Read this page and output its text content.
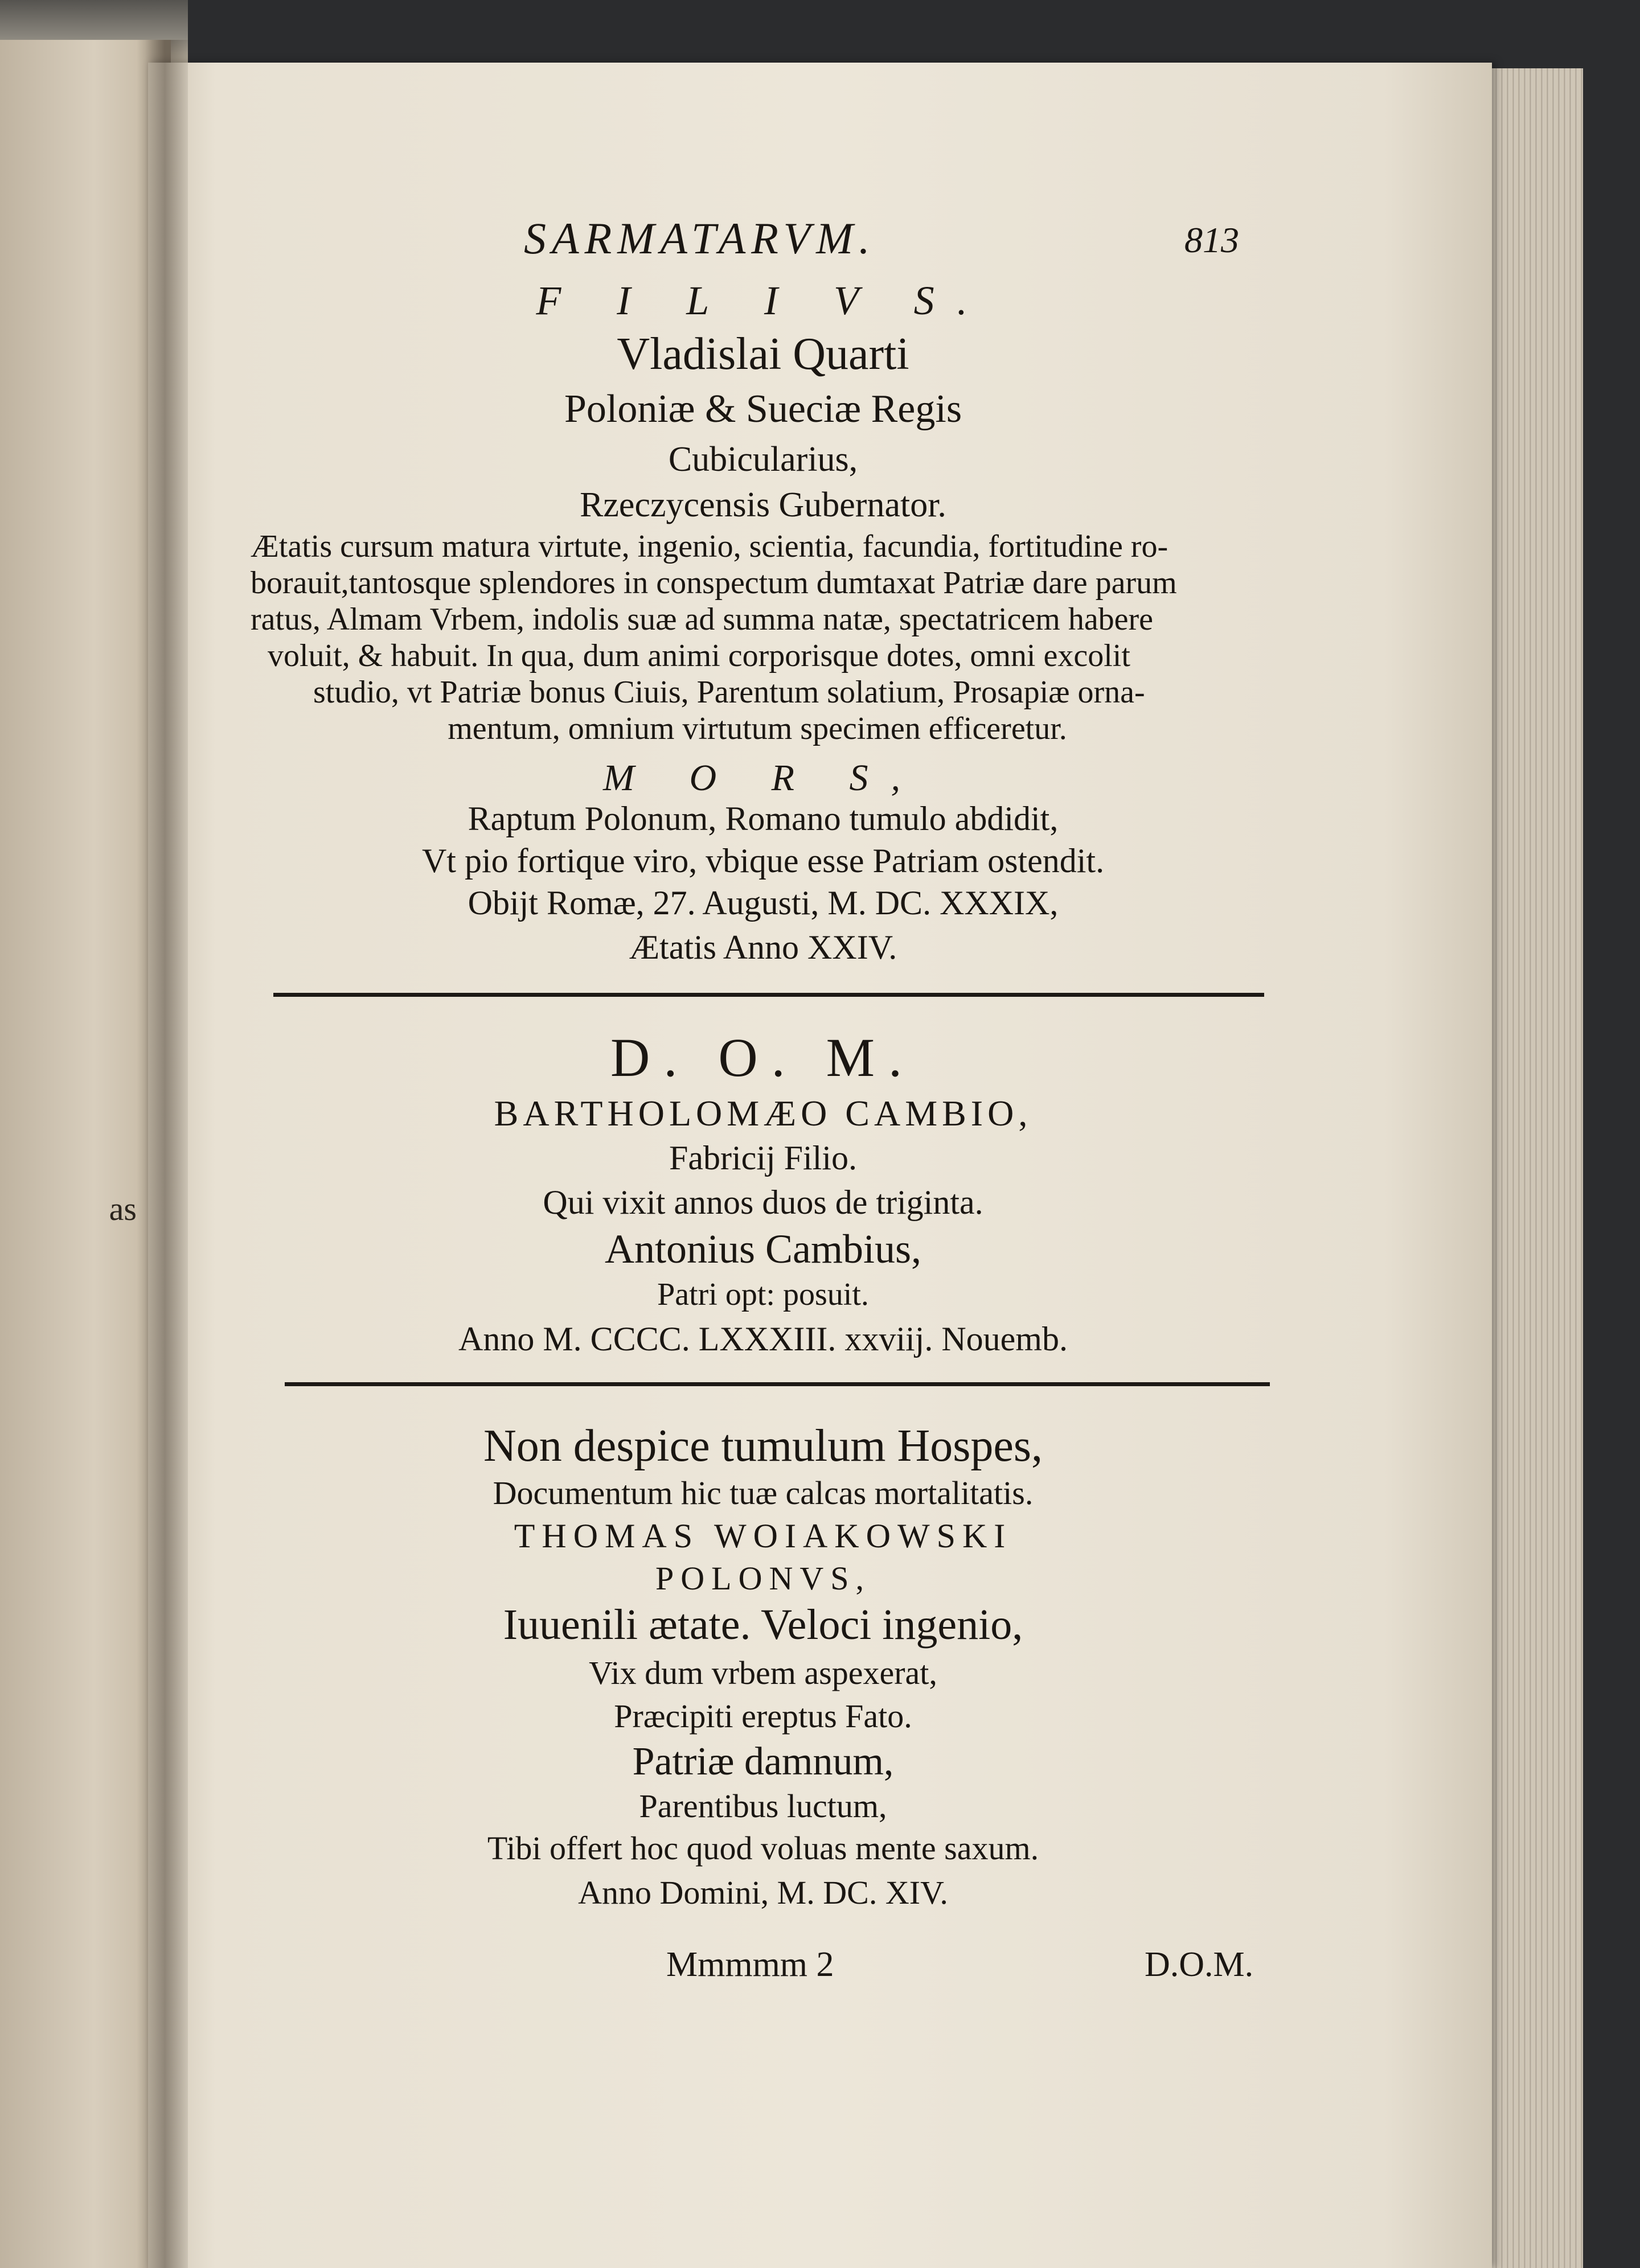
as
SARMATARVM.	813
F I L I V S.
Vladislai Quarti
Poloniæ & Sueciæ Regis
Cubicularius,
Rzeczycensis Gubernator.
Ætatis cursum matura virtute, ingenio, scientia, facundia, fortitudine ro-
borauit,tantosque splendores in conspectum dumtaxat Patriæ dare parum
ratus, Almam Vrbem, indolis suæ ad summa natæ, spectatricem habere
voluit, & habuit. In qua, dum animi corporisque dotes, omni excolit
studio, vt Patriæ bonus Ciuis, Parentum solatium, Prosapiæ orna-
mentum, omnium virtutum specimen efficeretur.
M O R S,
Raptum Polonum, Romano tumulo abdidit,
Vt pio fortique viro, vbique esse Patriam ostendit.
Obijt Romæ, 27. Augusti, M. DC. XXXIX,
Ætatis Anno XXIV.
D. O. M.
BARTHOLOMÆO CAMBIO,
Fabricij Filio.
Qui vixit annos duos de triginta.
Antonius Cambius,
Patri opt: posuit.
Anno M. CCCC. LXXXIII. xxviij. Nouemb.
Non despice tumulum Hospes,
Documentum hic tuæ calcas mortalitatis.
THOMAS WOIAKOWSKI
POLONVS,
Iuuenili ætate. Veloci ingenio,
Vix dum vrbem aspexerat,
Præcipiti ereptus Fato.
Patriæ damnum,
Parentibus luctum,
Tibi offert hoc quod voluas mente saxum.
Anno Domini, M. DC. XIV.
Mmmmm 2	D.O.M.
